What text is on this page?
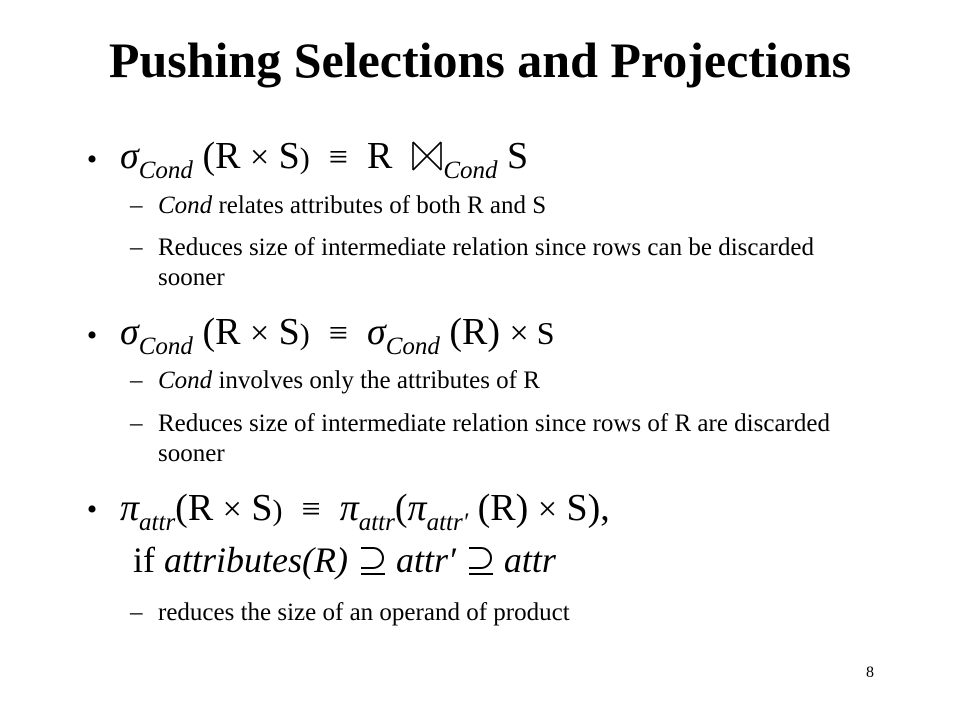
Pushing Selections and Projections
• $\sigma_{Cond}$ (R × S) ≡ R $_{Cond}$ S
– Cond relates attributes of both R and S
– Reduces size of intermediate relation since rows can be discarded sooner
• $\sigma_{Cond}$ $(R \times S) \equiv \sigma_{Cond}$ (R) × S
– Cond involves only the attributes of R
– Reduces size of intermediate relation since rows of R are discarded sooner
• $\pi_{attr}(R \times S) \equiv \pi_{attr}(\pi_{attr'}$ (R) × S),
if attributes(R) attr′ attr
– reduces the size of an operand of product
8
